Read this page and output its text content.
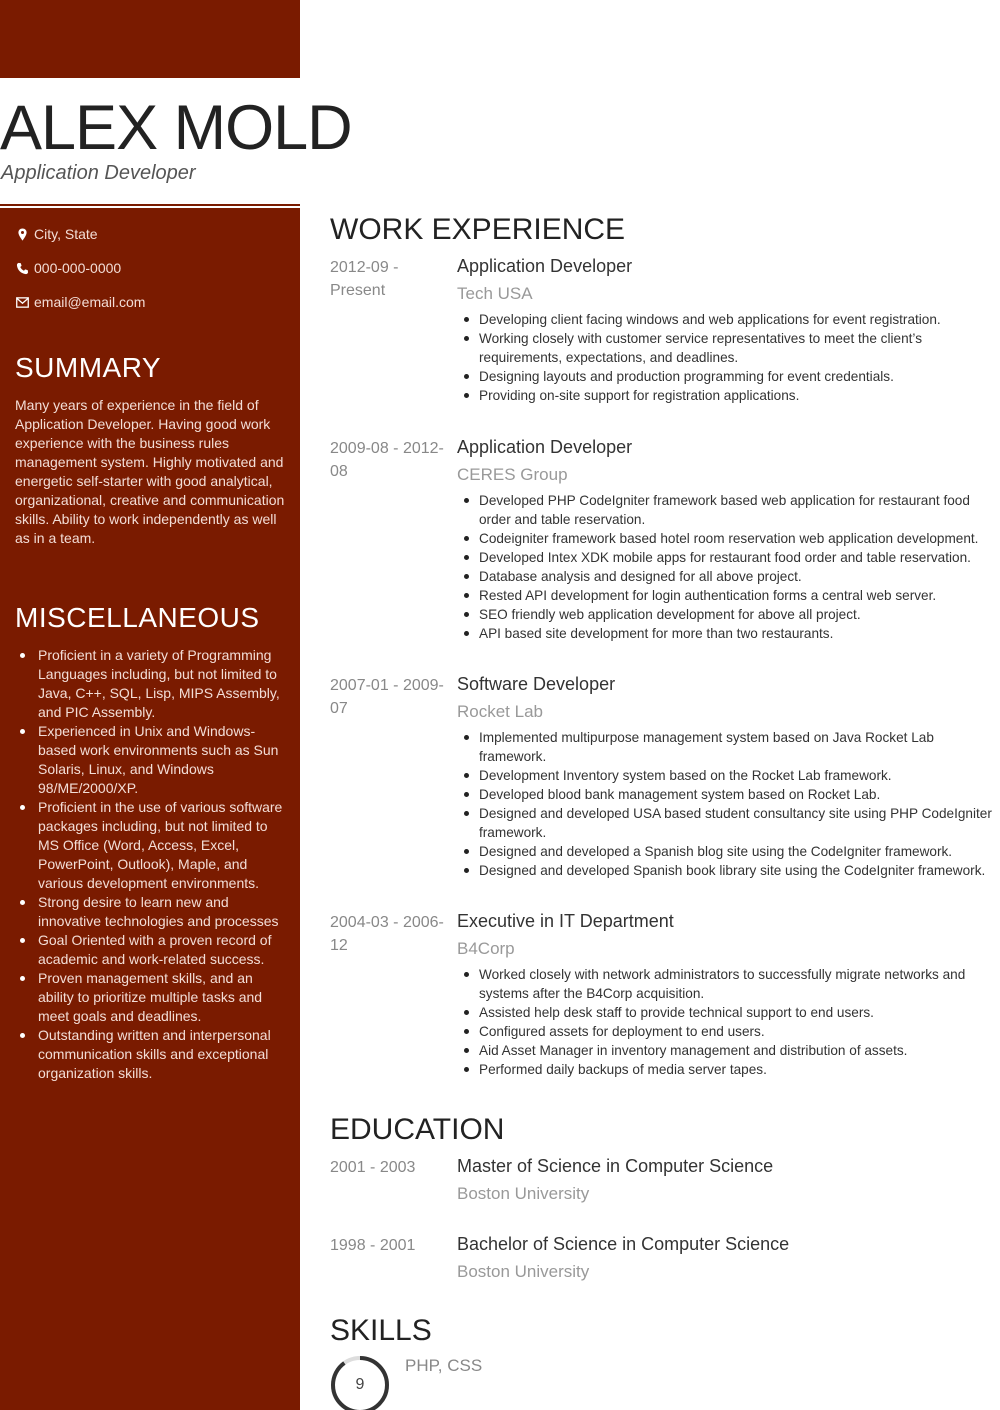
ALEX MOLD
Application Developer
City, State
000-000-0000
email@email.com
SUMMARY
Many years of experience in the field of Application Developer. Having good work experience with the business rules management system. Highly motivated and energetic self-starter with good analytical, organizational, creative and communication skills. Ability to work independently as well as in a team.
MISCELLANEOUS
Proficient in a variety of Programming Languages including, but not limited to Java, C++, SQL, Lisp, MIPS Assembly, and PIC Assembly.
Experienced in Unix and Windows-based work environments such as Sun Solaris, Linux, and Windows 98/ME/2000/XP.
Proficient in the use of various software packages including, but not limited to MS Office (Word, Access, Excel, PowerPoint, Outlook), Maple, and various development environments.
Strong desire to learn new and innovative technologies and processes
Goal Oriented with a proven record of academic and work-related success.
Proven management skills, and an ability to prioritize multiple tasks and meet goals and deadlines.
Outstanding written and interpersonal communication skills and exceptional organization skills.
WORK EXPERIENCE
2012-09 - Present
Application Developer
Tech USA
Developing client facing windows and web applications for event registration.
Working closely with customer service representatives to meet the client’s requirements, expectations, and deadlines.
Designing layouts and production programming for event credentials.
Providing on-site support for registration applications.
2009-08 - 2012-08
Application Developer
CERES Group
Developed PHP CodeIgniter framework based web application for restaurant food order and table reservation.
Codeigniter framework based hotel room reservation web application development.
Developed Intex XDK mobile apps for restaurant food order and table reservation.
Database analysis and designed for all above project.
Rested API development for login authentication forms a central web server.
SEO friendly web application development for above all project.
API based site development for more than two restaurants.
2007-01 - 2009-07
Software Developer
Rocket Lab
Implemented multipurpose management system based on Java Rocket Lab framework.
Development Inventory system based on the Rocket Lab framework.
Developed blood bank management system based on Rocket Lab.
Designed and developed USA based student consultancy site using PHP CodeIgniter framework.
Designed and developed a Spanish blog site using the CodeIgniter framework.
Designed and developed Spanish book library site using the CodeIgniter framework.
2004-03 - 2006-12
Executive in IT Department
B4Corp
Worked closely with network administrators to successfully migrate networks and systems after the B4Corp acquisition.
Assisted help desk staff to provide technical support to end users.
Configured assets for deployment to end users.
Aid Asset Manager in inventory management and distribution of assets.
Performed daily backups of media server tapes.
EDUCATION
2001 - 2003	Master of Science in Computer Science
Boston University
1998 - 2001	Bachelor of Science in Computer Science
Boston University
SKILLS
9
PHP, CSS
